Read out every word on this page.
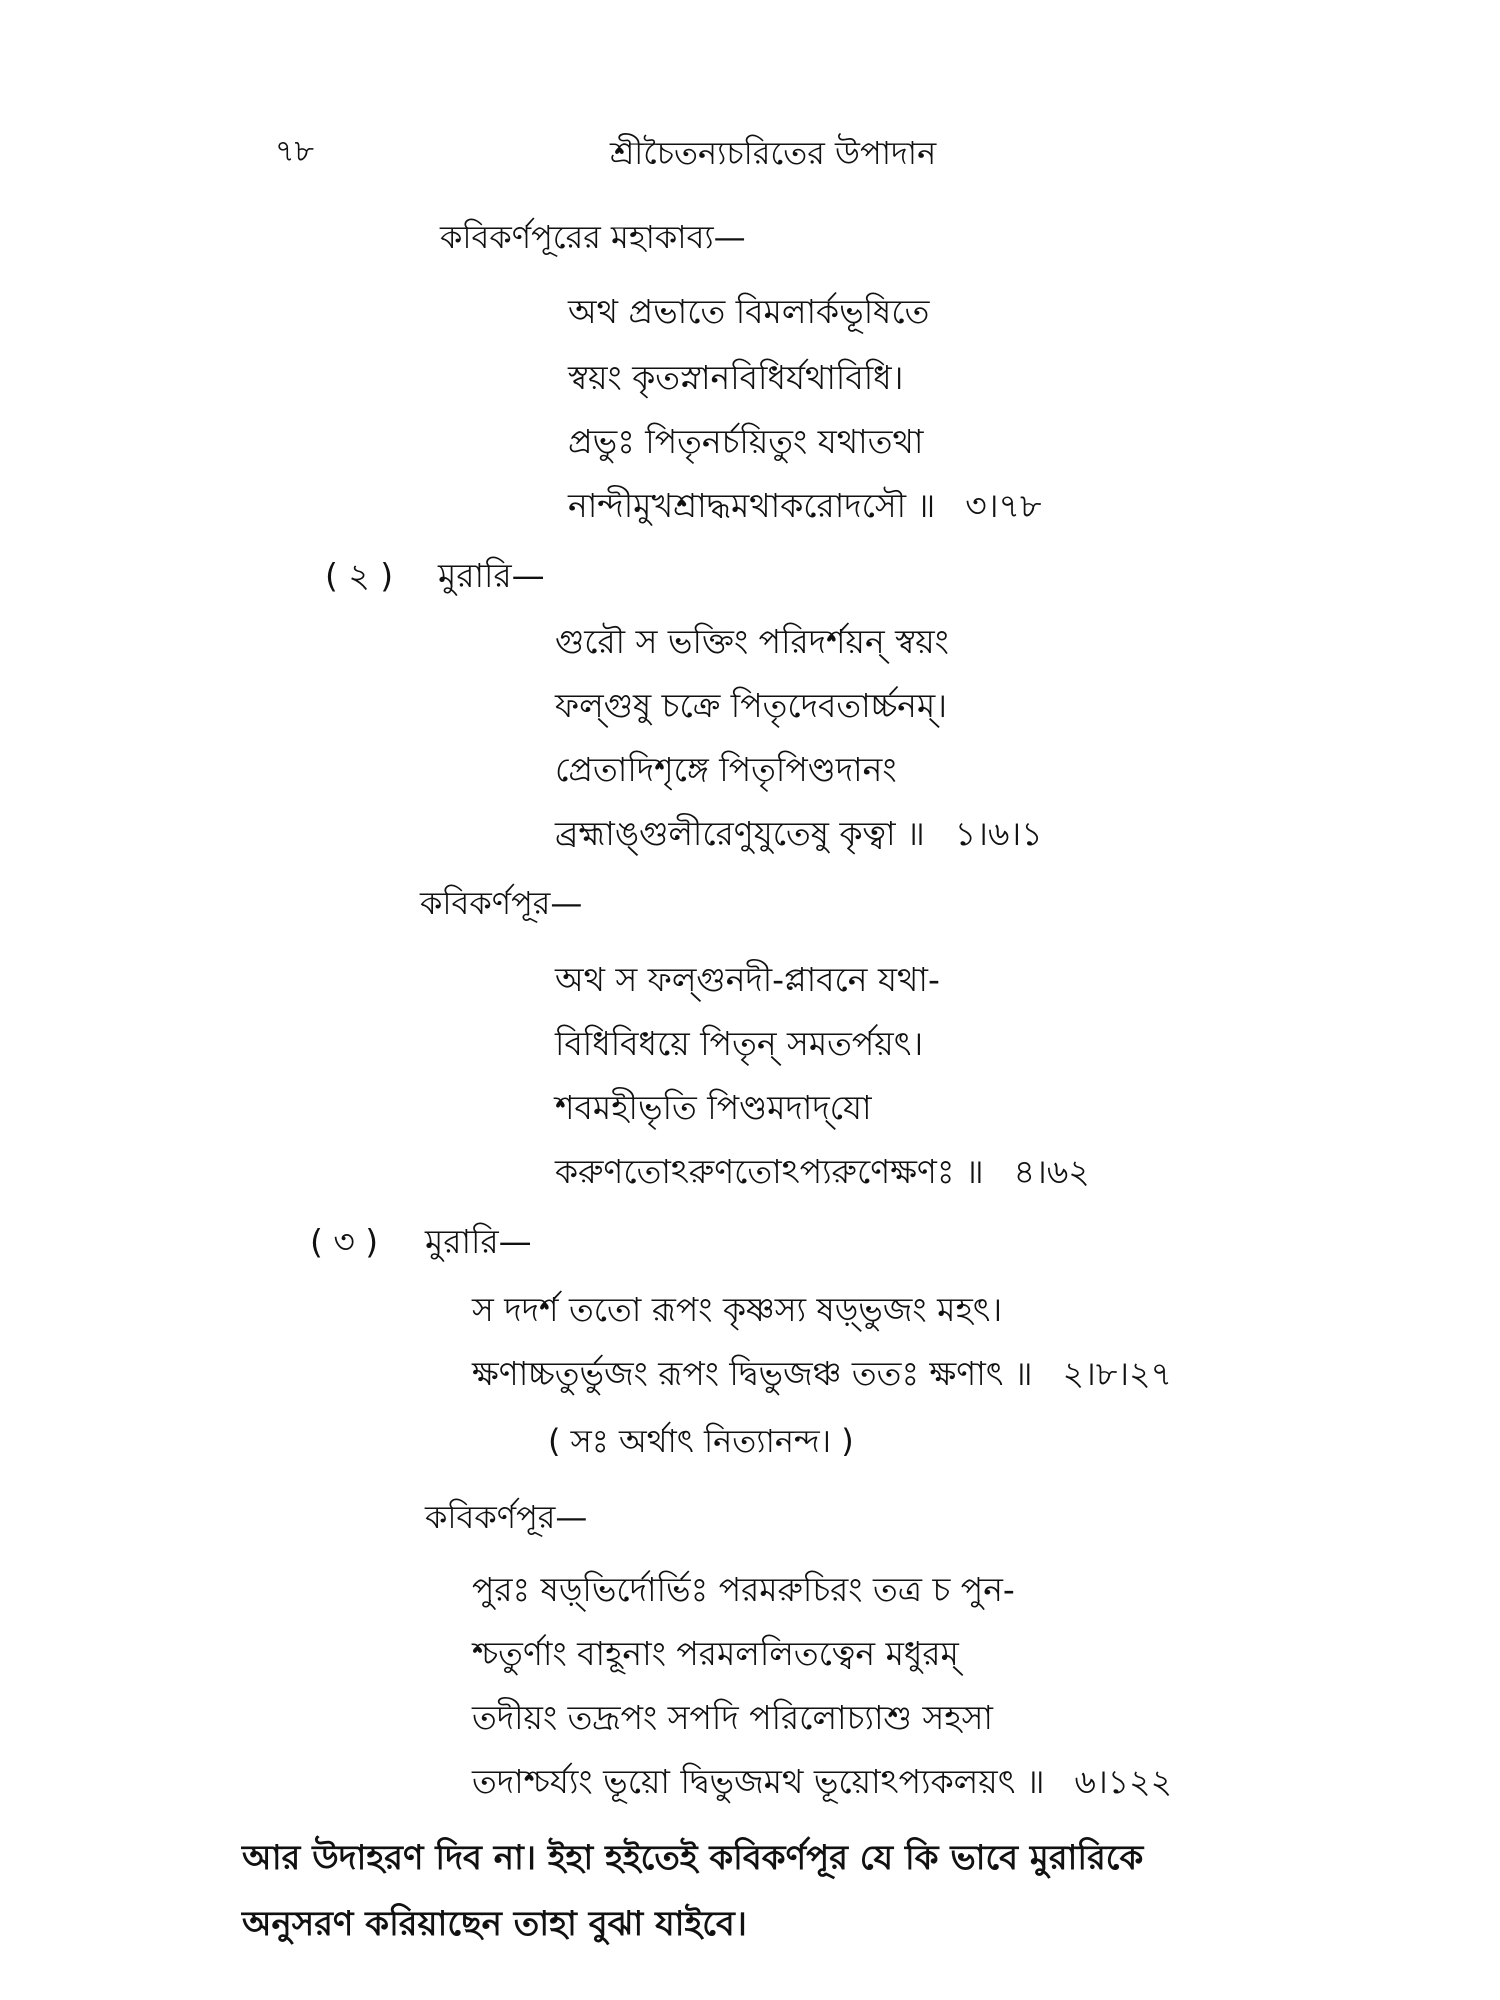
৭৮	শ্রীচৈতন্যচরিতের উপাদান
কবিকর্ণপূরের মহাকাব্য—
অথ প্রভাতে বিমলার্কভূষিতে
স্বয়ং কৃতস্নানবিধির্যথাবিধি।
প্রভুঃ পিতৃনর্চয়িতুং যথাতথা
নান্দীমুখশ্রাদ্ধমথাকরোদসৌ ॥ ৩।৭৮
( ২ ) মুরারি—
গুরৌ স ভক্তিং পরিদর্শয়ন্ স্বয়ং
ফল্গুষু চক্রে পিতৃদেবতার্চ্চনম্।
প্রেতাদিশৃঙ্গে পিতৃপিণ্ডদানং
ব্রহ্মাঙ্গুলীরেণুযুতেষু কৃত্বা ॥ ১।৬।১
কবিকর্ণপূর—
অথ স ফল্গুনদী-প্লাবনে যথা-
বিধিবিধয়ে পিতৃন্ সমতর্পয়ৎ।
শবমহীভৃতি পিণ্ডমদাদ্‌যো
করুণতোঽরুণতোঽপ্যরুণেক্ষণঃ ॥ ৪।৬২
( ৩ ) মুরারি—
স দদর্শ ততো রূপং কৃষ্ণস্য ষড়্‌ভুজং মহৎ।
ক্ষণাচ্চতুর্ভুজং রূপং দ্বিভুজঞ্চ ততঃ ক্ষণাৎ ॥ ২।৮।২৭
( সঃ অর্থাৎ নিত্যানন্দ। )
কবিকর্ণপূর—
পুরঃ ষড়্‌ভির্দোর্ভিঃ পরমরুচিরং তত্র চ পুন-
শ্চতুর্ণাং বাহূনাং পরমললিতত্বেন মধুরম্
তদীয়ং তদ্রূপং সপদি পরিলোচ্যাশু সহসা
তদাশ্চর্য্যং ভূয়ো দ্বিভুজমথ ভূয়োঽপ্যকলয়ৎ ॥ ৬।১২২
আর উদাহরণ দিব না। ইহা হইতেই কবিকর্ণপূর যে কি ভাবে মুরারিকে
অনুসরণ করিয়াছেন তাহা বুঝা যাইবে।
